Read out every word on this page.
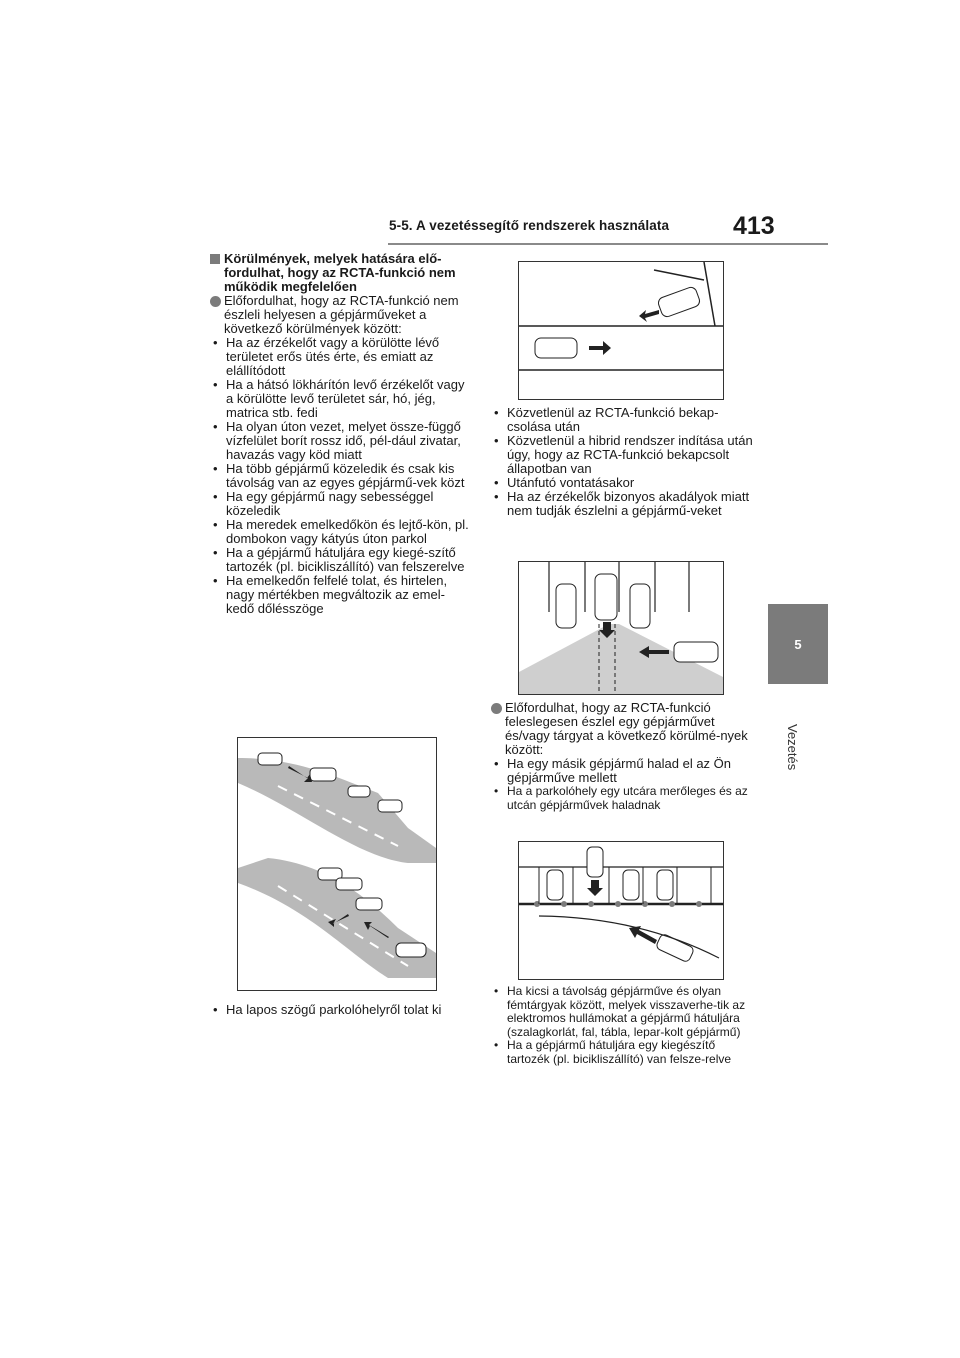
5-5. A vezetéssegítő rendszerek használata	413
5
Vezetés

Körülmények, melyek hatására elő-fordulhat, hogy az RCTA-funkció nem működik megfelelően

Előfordulhat, hogy az RCTA-funkció nem észleli helyesen a gépjárműveket a következő körülmények között:

• Ha az érzékelőt vagy a körülötte lévő területet erős ütés érte, és emiatt az elállítódott

• Ha a hátsó lökhárítón levő érzékelőt vagy a körülötte levő területet sár, hó, jég, matrica stb. fedi

• Ha olyan úton vezet, melyet össze-függő vízfelület borít rossz idő, pél-dául zivatar, havazás vagy köd miatt

• Ha több gépjármű közeledik és csak kis távolság van az egyes gépjármű-vek közt

• Ha egy gépjármű nagy sebességgel közeledik

• Ha meredek emelkedőkön és lejtő-kön, pl. dombokon vagy kátyús úton parkol

• Ha a gépjármű hátuljára egy kiegé-szítő tartozék (pl. bicikliszállító) van felszerelve

• Ha emelkedőn felfelé tolat, és hirtelen, nagy mértékben megváltozik az emel-kedő dőlésszöge

• Ha lapos szögű parkolóhelyről tolat ki

• Közvetlenül az RCTA-funkció bekap-csolása után

• Közvetlenül a hibrid rendszer indítása után úgy, hogy az RCTA-funkció bekapcsolt állapotban van

• Utánfutó vontatásakor

• Ha az érzékelők bizonyos akadályok miatt nem tudják észlelni a gépjármű-veket

Előfordulhat, hogy az RCTA-funkció feleslegesen észlel egy gépjárművet és/vagy tárgyat a következő körülmé-nyek között:

• Ha egy másik gépjármű halad el az Ön gépjárműve mellett

• Ha a parkolóhely egy utcára merőleges és az utcán gépjárművek haladnak

• Ha kicsi a távolság gépjárműve és olyan fémtárgyak között, melyek visszaverhe-tik az elektromos hullámokat a gépjármű hátuljára (szalagkorlát, fal, tábla, lepar-kolt gépjármű)

• Ha a gépjármű hátuljára egy kiegészítő tartozék (pl. bicikliszállító) van felsze-relve
